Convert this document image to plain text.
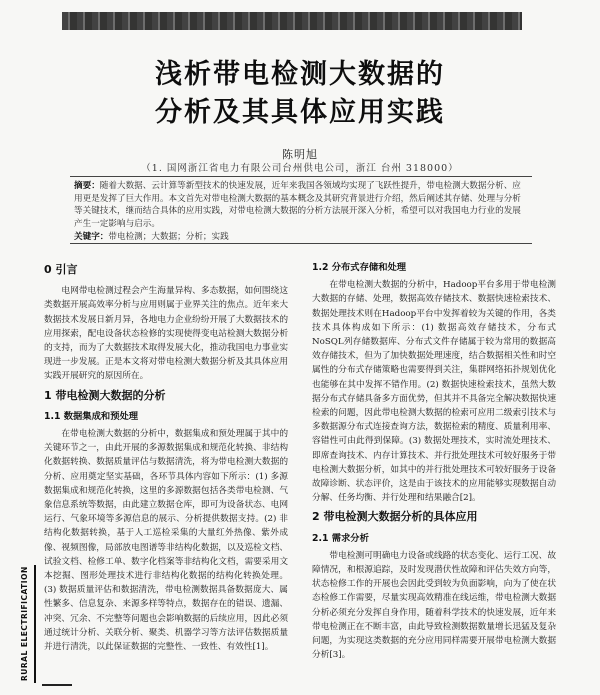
浅析带电检测大数据的
分析及其具体应用实践
陈明旭
（1. 国网浙江省电力有限公司台州供电公司，浙江 台州 318000）
摘要：随着大数据、云计算等新型技术的快速发展，近年来我国各领域均实现了飞跃性提升，带电检测大数据分析、应用更是发挥了巨大作用。本文首先对带电检测大数据的基本概念及其研究背景进行介绍，然后阐述其存储、处理与分析等关键技术，继而结合具体的应用实践，对带电检测大数据的分析方法展开深入分析，希望可以对我国电力行业的发展产生一定影响与启示。
关键字：带电检测；大数据；分析；实践
0 引言

电网带电检测过程会产生海量异构、多态数据，如何围绕这类数据开展高效率分析与应用则属于业界关注的焦点。近年来大数据技术发展日新月异，各地电力企业纷纷开展了大数据技术的应用探索，配电设备状态检修的实现使得变电站检测大数据分析的支持，而为了大数据技术取得发展大化，推动我国电力事业实现进一步发展。正是本文将对带电检测大数据分析及其具体应用实践开展研究的原因所在。

1 带电检测大数据的分析
1.1 数据集成和预处理

在带电检测大数据的分析中，数据集成和预处理属于其中的关键环节之一，由此开展的多源数据集成和规范化转换、非结构化数据转换、数据质量评估与数据清洗，将为带电检测大数据的分析、应用奠定坚实基础，各环节具体内容如下所示：(1) 多源数据集成和规范化转换，这里的多源数据包括各类带电检测、气象信息系统等数据，由此建立数据仓库，即可为设备状态、电网运行、气象环境等多源信息的展示、分析提供数据支持。(2) 非结构化数据转换，基于人工巡检采集的大量红外热像、紫外成像、视频图像，局部放电图谱等非结构化数据，以及巡检文档、试验文档、检修工单、数字化档案等非结构化文档，需要采用文本挖掘、图形处理技术进行非结构化数据的结构化转换处理。(3) 数据质量评估和数据清洗，带电检测数据具备数据庞大、属性繁多、信息复杂、来源多样等特点，数据存在的错误、遗漏、冲突、冗余、不完整等问题也会影响数据的后续应用，因此必须通过统计分析、关联分析、聚类、机器学习等方法评估数据质量并进行清洗，以此保证数据的完整性、一致性、有效性[1]。

1.2 分布式存储和处理

在带电检测大数据的分析中，Hadoop平台多用于带电检测大数据的存储、处理，数据高效存储技术、数据快速检索技术、数据处理技术则在Hadoop平台中发挥着较为关键的作用，各类技术具体构成如下所示：(1) 数据高效存储技术，分布式NoSQL列存储数据库、分布式文件存储属于较为常用的数据高效存储技术，但为了加快数据处理速度，结合数据相关性和时空属性的分布式存储策略也需要得到关注，集群网络拓扑规划优化也能够在其中发挥不错作用。(2) 数据快速检索技术，虽然大数据分布式存储具备多方面优势，但其并不具备完全解决数据快速检索的问题，因此带电检测大数据的检索可应用二级索引技术与多数据源分布式连接查询方法，数据检索的精度、质量利用率、容错性可由此得到保障。(3) 数据处理技术，实时流处理技术、即席查询技术、内存计算技术、并行批处理技术可较好服务于带电检测大数据分析，如其中的并行批处理技术可较好服务于设备故障诊断、状态评价，这是由于该技术的应用能够实现数据自动分解、任务均衡、并行处理和结果融合[2]。

2 带电检测大数据分析的具体应用
2.1 需求分析

带电检测可明确电力设备或线路的状态变化、运行工况、故障情况，和根源追踪，及时发现潜伏性故障和评估失效方向等，状态检修工作的开展也会因此受到较为负面影响，向为了使在状态检修工作需要，尽量实现高效精准在线运维，带电检测大数据分析必须充分发挥自身作用，随着科学技术的快速发展，近年来带电检测正在不断丰富，由此导致检测数据数量增长迅猛及复杂问题，为实现这类数据的充分应用同样需要开展带电检测大数据分析[3]。

RURAL ELECTRIFICATION
